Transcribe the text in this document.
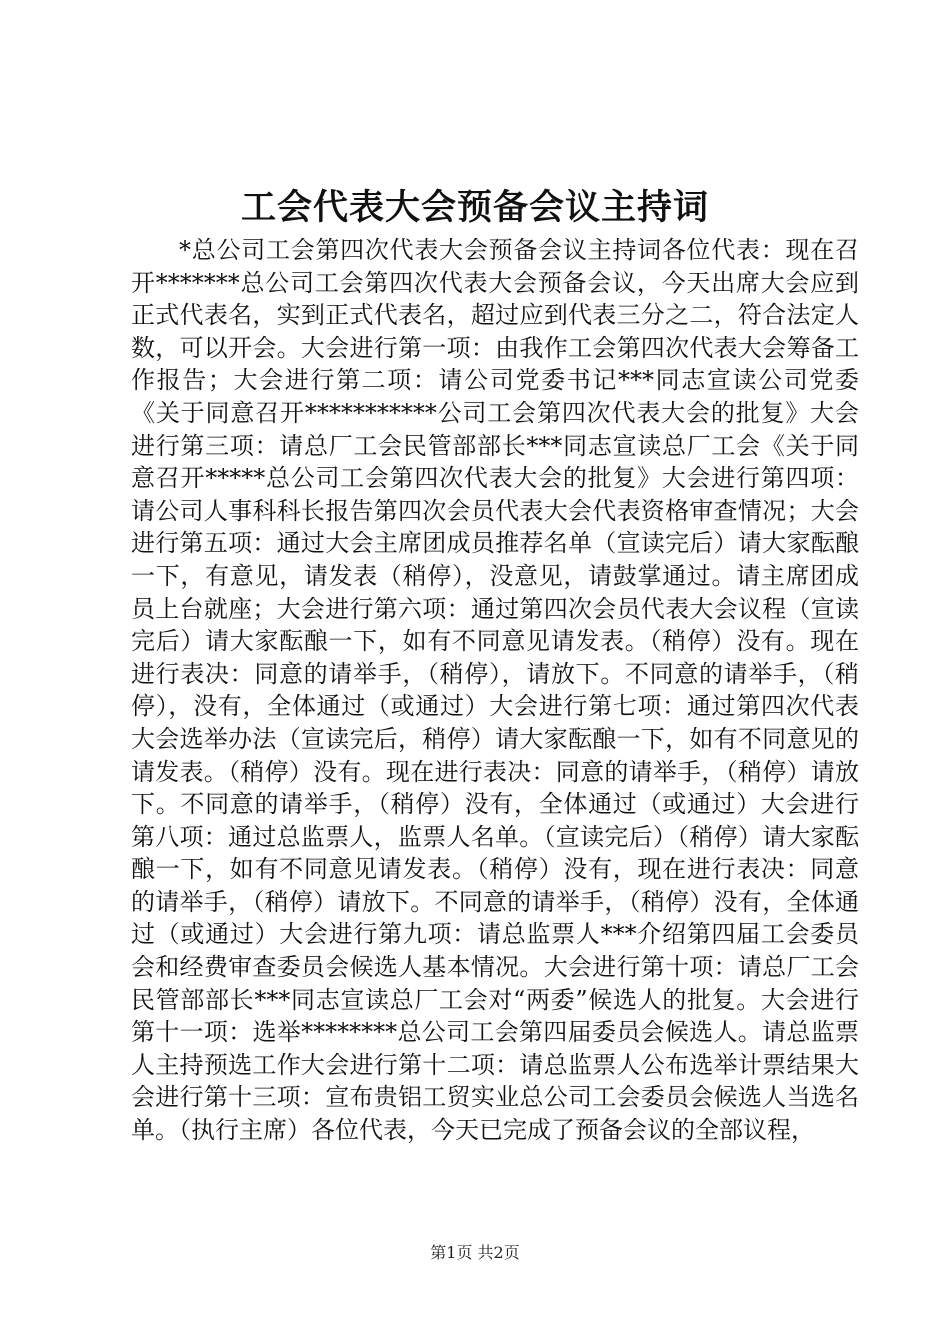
工会代表大会预备会议主持词

*总公司工会第四次代表大会预备会议主持词各位代表：现在召开*******总公司工会第四次代表大会预备会议，今天出席大会应到正式代表名，实到正式代表名，超过应到代表三分之二，符合法定人数，可以开会。大会进行第一项：由我作工会第四次代表大会筹备工作报告；大会进行第二项：请公司党委书记***同志宣读公司党委《关于同意召开***********公司工会第四次代表大会的批复》大会进行第三项：请总厂工会民管部部长***同志宣读总厂工会《关于同意召开*****总公司工会第四次代表大会的批复》大会进行第四项：请公司人事科科长报告第四次会员代表大会代表资格审查情况；大会进行第五项：通过大会主席团成员推荐名单（宣读完后）请大家酝酿一下，有意见，请发表（稍停），没意见，请鼓掌通过。请主席团成员上台就座；大会进行第六项：通过第四次会员代表大会议程（宣读完后）请大家酝酿一下，如有不同意见请发表。（稍停）没有。现在进行表决：同意的请举手，（稍停），请放下。不同意的请举手，（稍停），没有，全体通过（或通过）大会进行第七项：通过第四次代表大会选举办法（宣读完后，稍停）请大家酝酿一下，如有不同意见的请发表。（稍停）没有。现在进行表决：同意的请举手，（稍停）请放下。不同意的请举手，（稍停）没有，全体通过（或通过）大会进行第八项：通过总监票人，监票人名单。（宣读完后）（稍停）请大家酝酿一下，如有不同意见请发表。（稍停）没有，现在进行表决：同意的请举手，（稍停）请放下。不同意的请举手，（稍停）没有，全体通过（或通过）大会进行第九项：请总监票人***介绍第四届工会委员会和经费审查委员会候选人基本情况。大会进行第十项：请总厂工会民管部部长***同志宣读总厂工会对“两委”候选人的批复。大会进行第十一项：选举********总公司工会第四届委员会候选人。请总监票人主持预选工作大会进行第十二项：请总监票人公布选举计票结果大会进行第十三项：宣布贵铝工贸实业总公司工会委员会候选人当选名单。（执行主席）各位代表，今天已完成了预备会议的全部议程，

第1页 共2页
